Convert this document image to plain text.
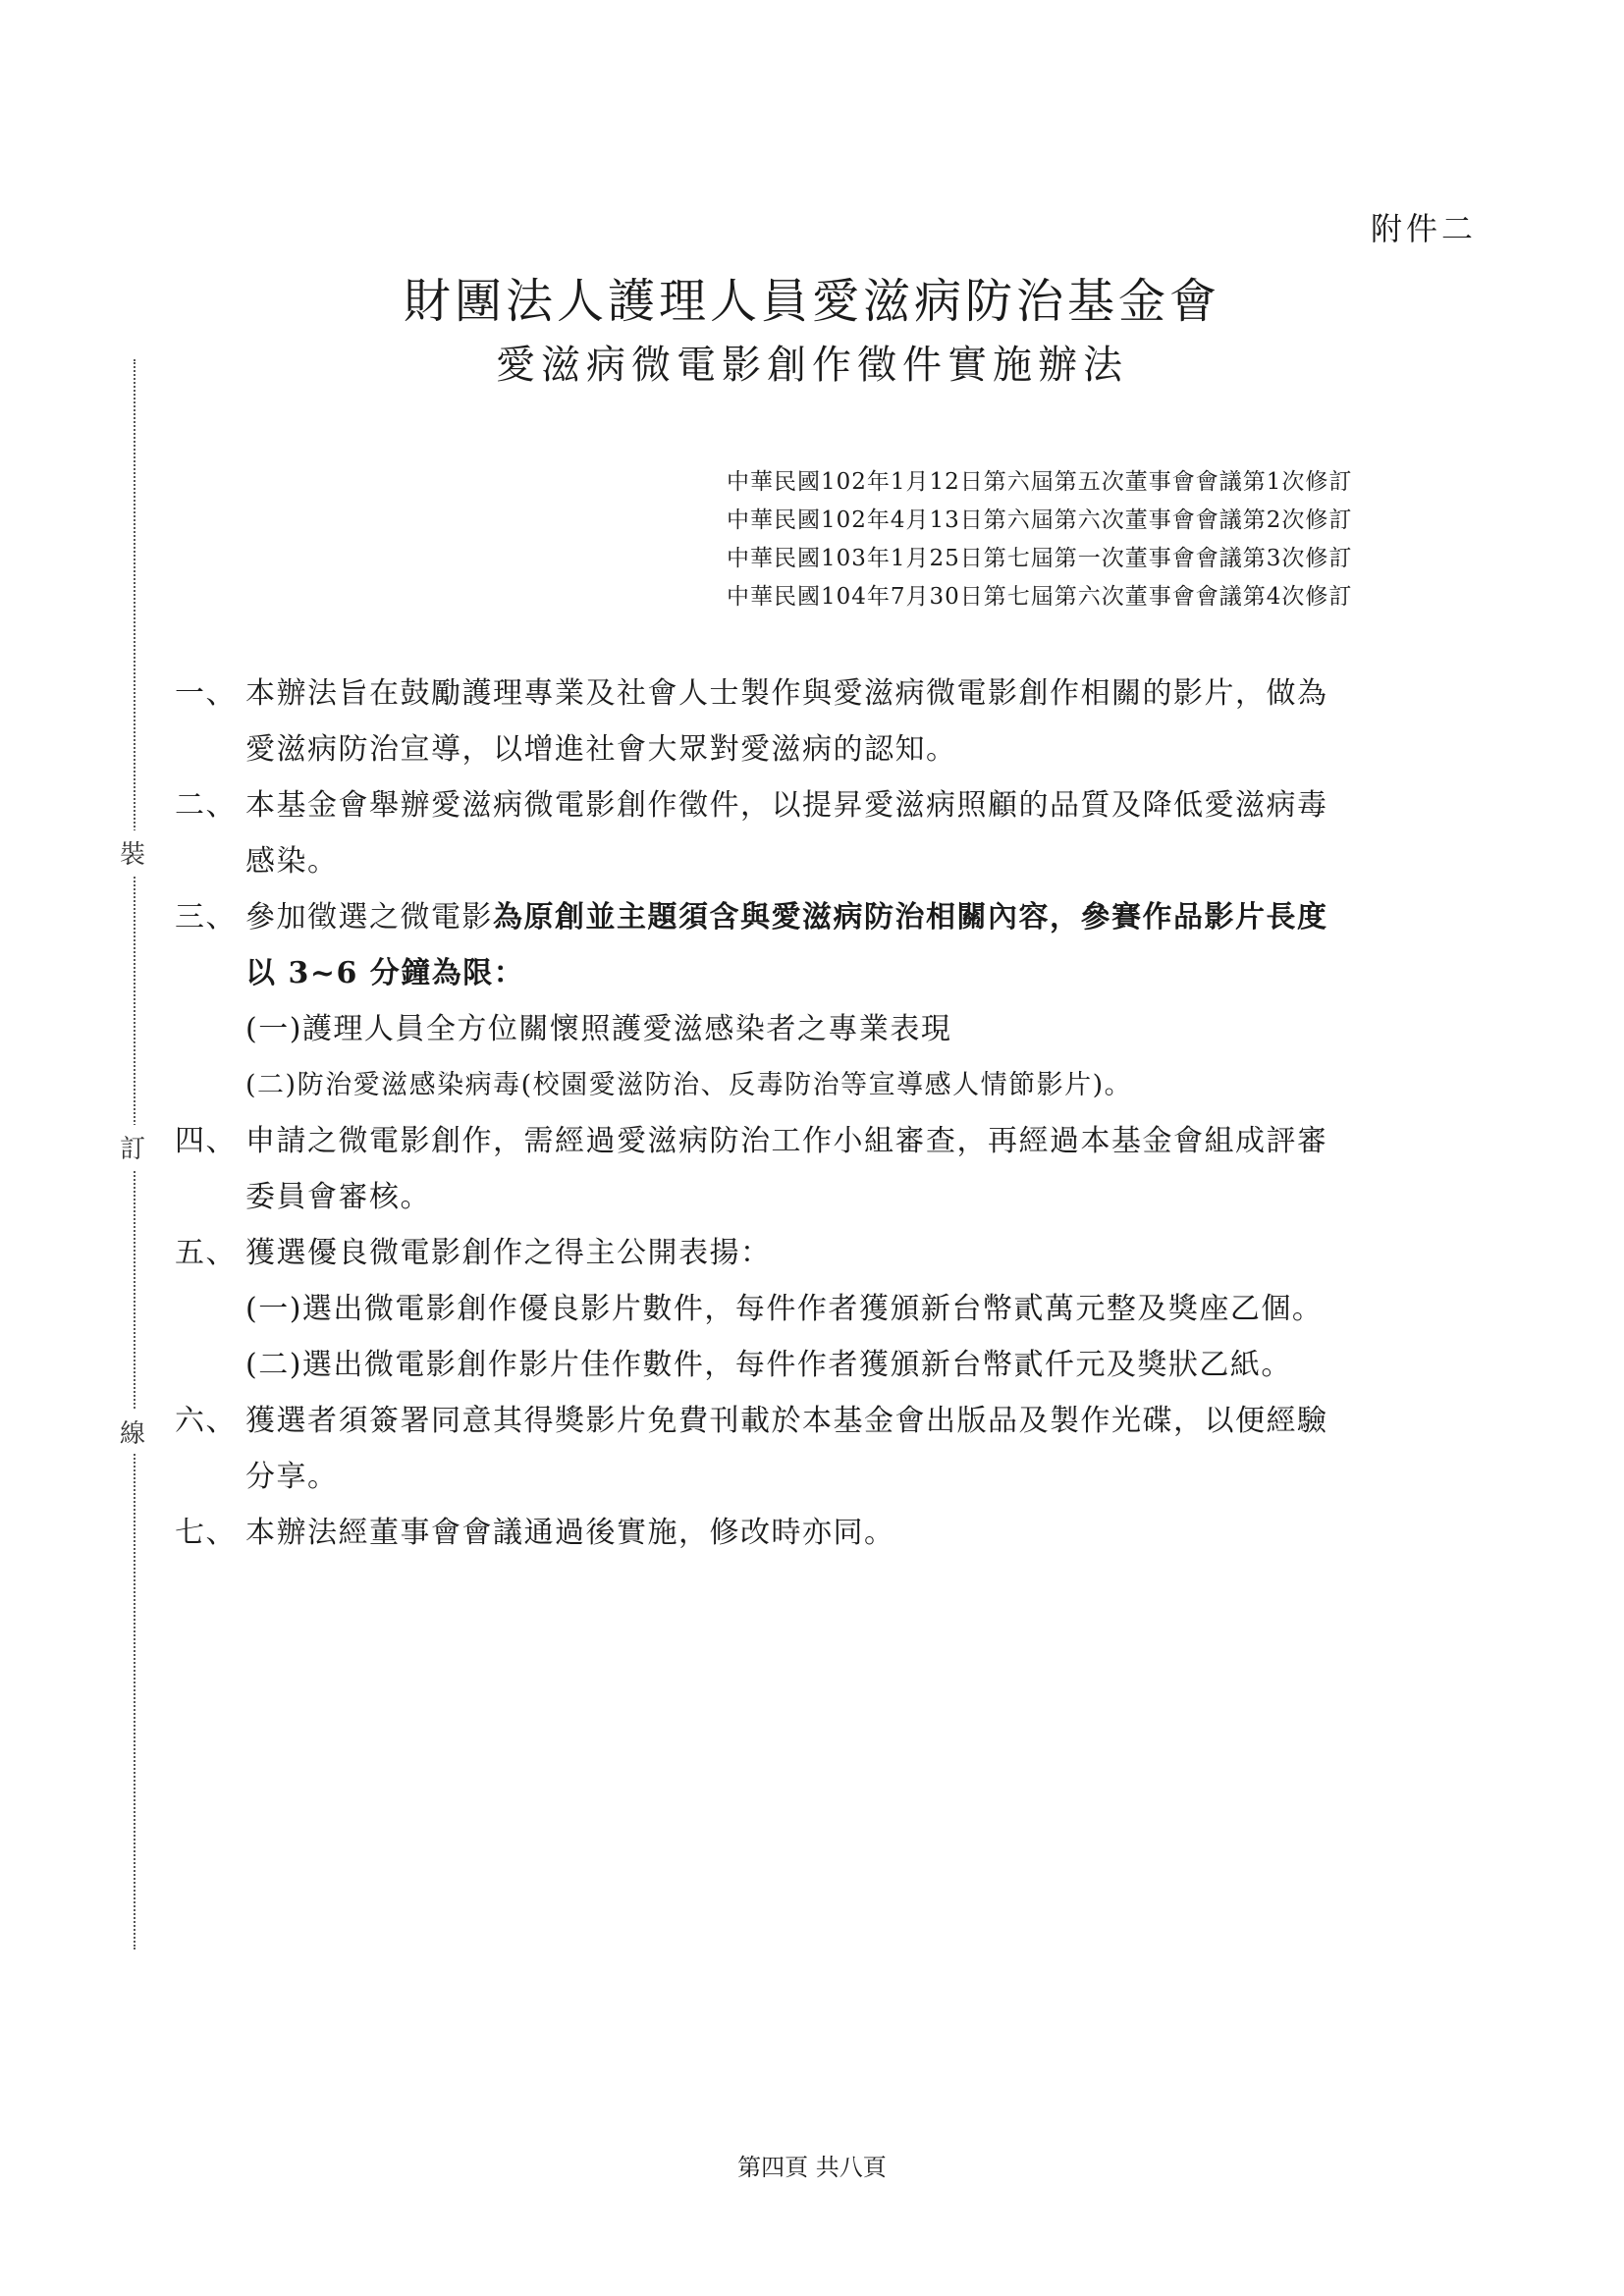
附件二
財團法人護理人員愛滋病防治基金會
愛滋病微電影創作徵件實施辦法
中華民國102年1月12日第六屆第五次董事會會議第1次修訂
中華民國102年4月13日第六屆第六次董事會會議第2次修訂
中華民國103年1月25日第七屆第一次董事會會議第3次修訂
中華民國104年7月30日第七屆第六次董事會會議第4次修訂
裝
訂
線
一、 本辦法旨在鼓勵護理專業及社會人士製作與愛滋病微電影創作相關的影片，做為
愛滋病防治宣導，以增進社會大眾對愛滋病的認知。
二、 本基金會舉辦愛滋病微電影創作徵件，以提昇愛滋病照顧的品質及降低愛滋病毒
感染。
三、 參加徵選之微電影為原創並主題須含與愛滋病防治相關內容，參賽作品影片長度
以 3~6 分鐘為限：
(一)護理人員全方位關懷照護愛滋感染者之專業表現
(二)防治愛滋感染病毒(校園愛滋防治、反毒防治等宣導感人情節影片)。
四、 申請之微電影創作，需經過愛滋病防治工作小組審查，再經過本基金會組成評審
委員會審核。
五、 獲選優良微電影創作之得主公開表揚：
(一)選出微電影創作優良影片數件，每件作者獲頒新台幣貳萬元整及獎座乙個。
(二)選出微電影創作影片佳作數件，每件作者獲頒新台幣貳仟元及獎狀乙紙。
六、 獲選者須簽署同意其得獎影片免費刊載於本基金會出版品及製作光碟，以便經驗
分享。
七、 本辦法經董事會會議通過後實施，修改時亦同。
第四頁 共八頁
